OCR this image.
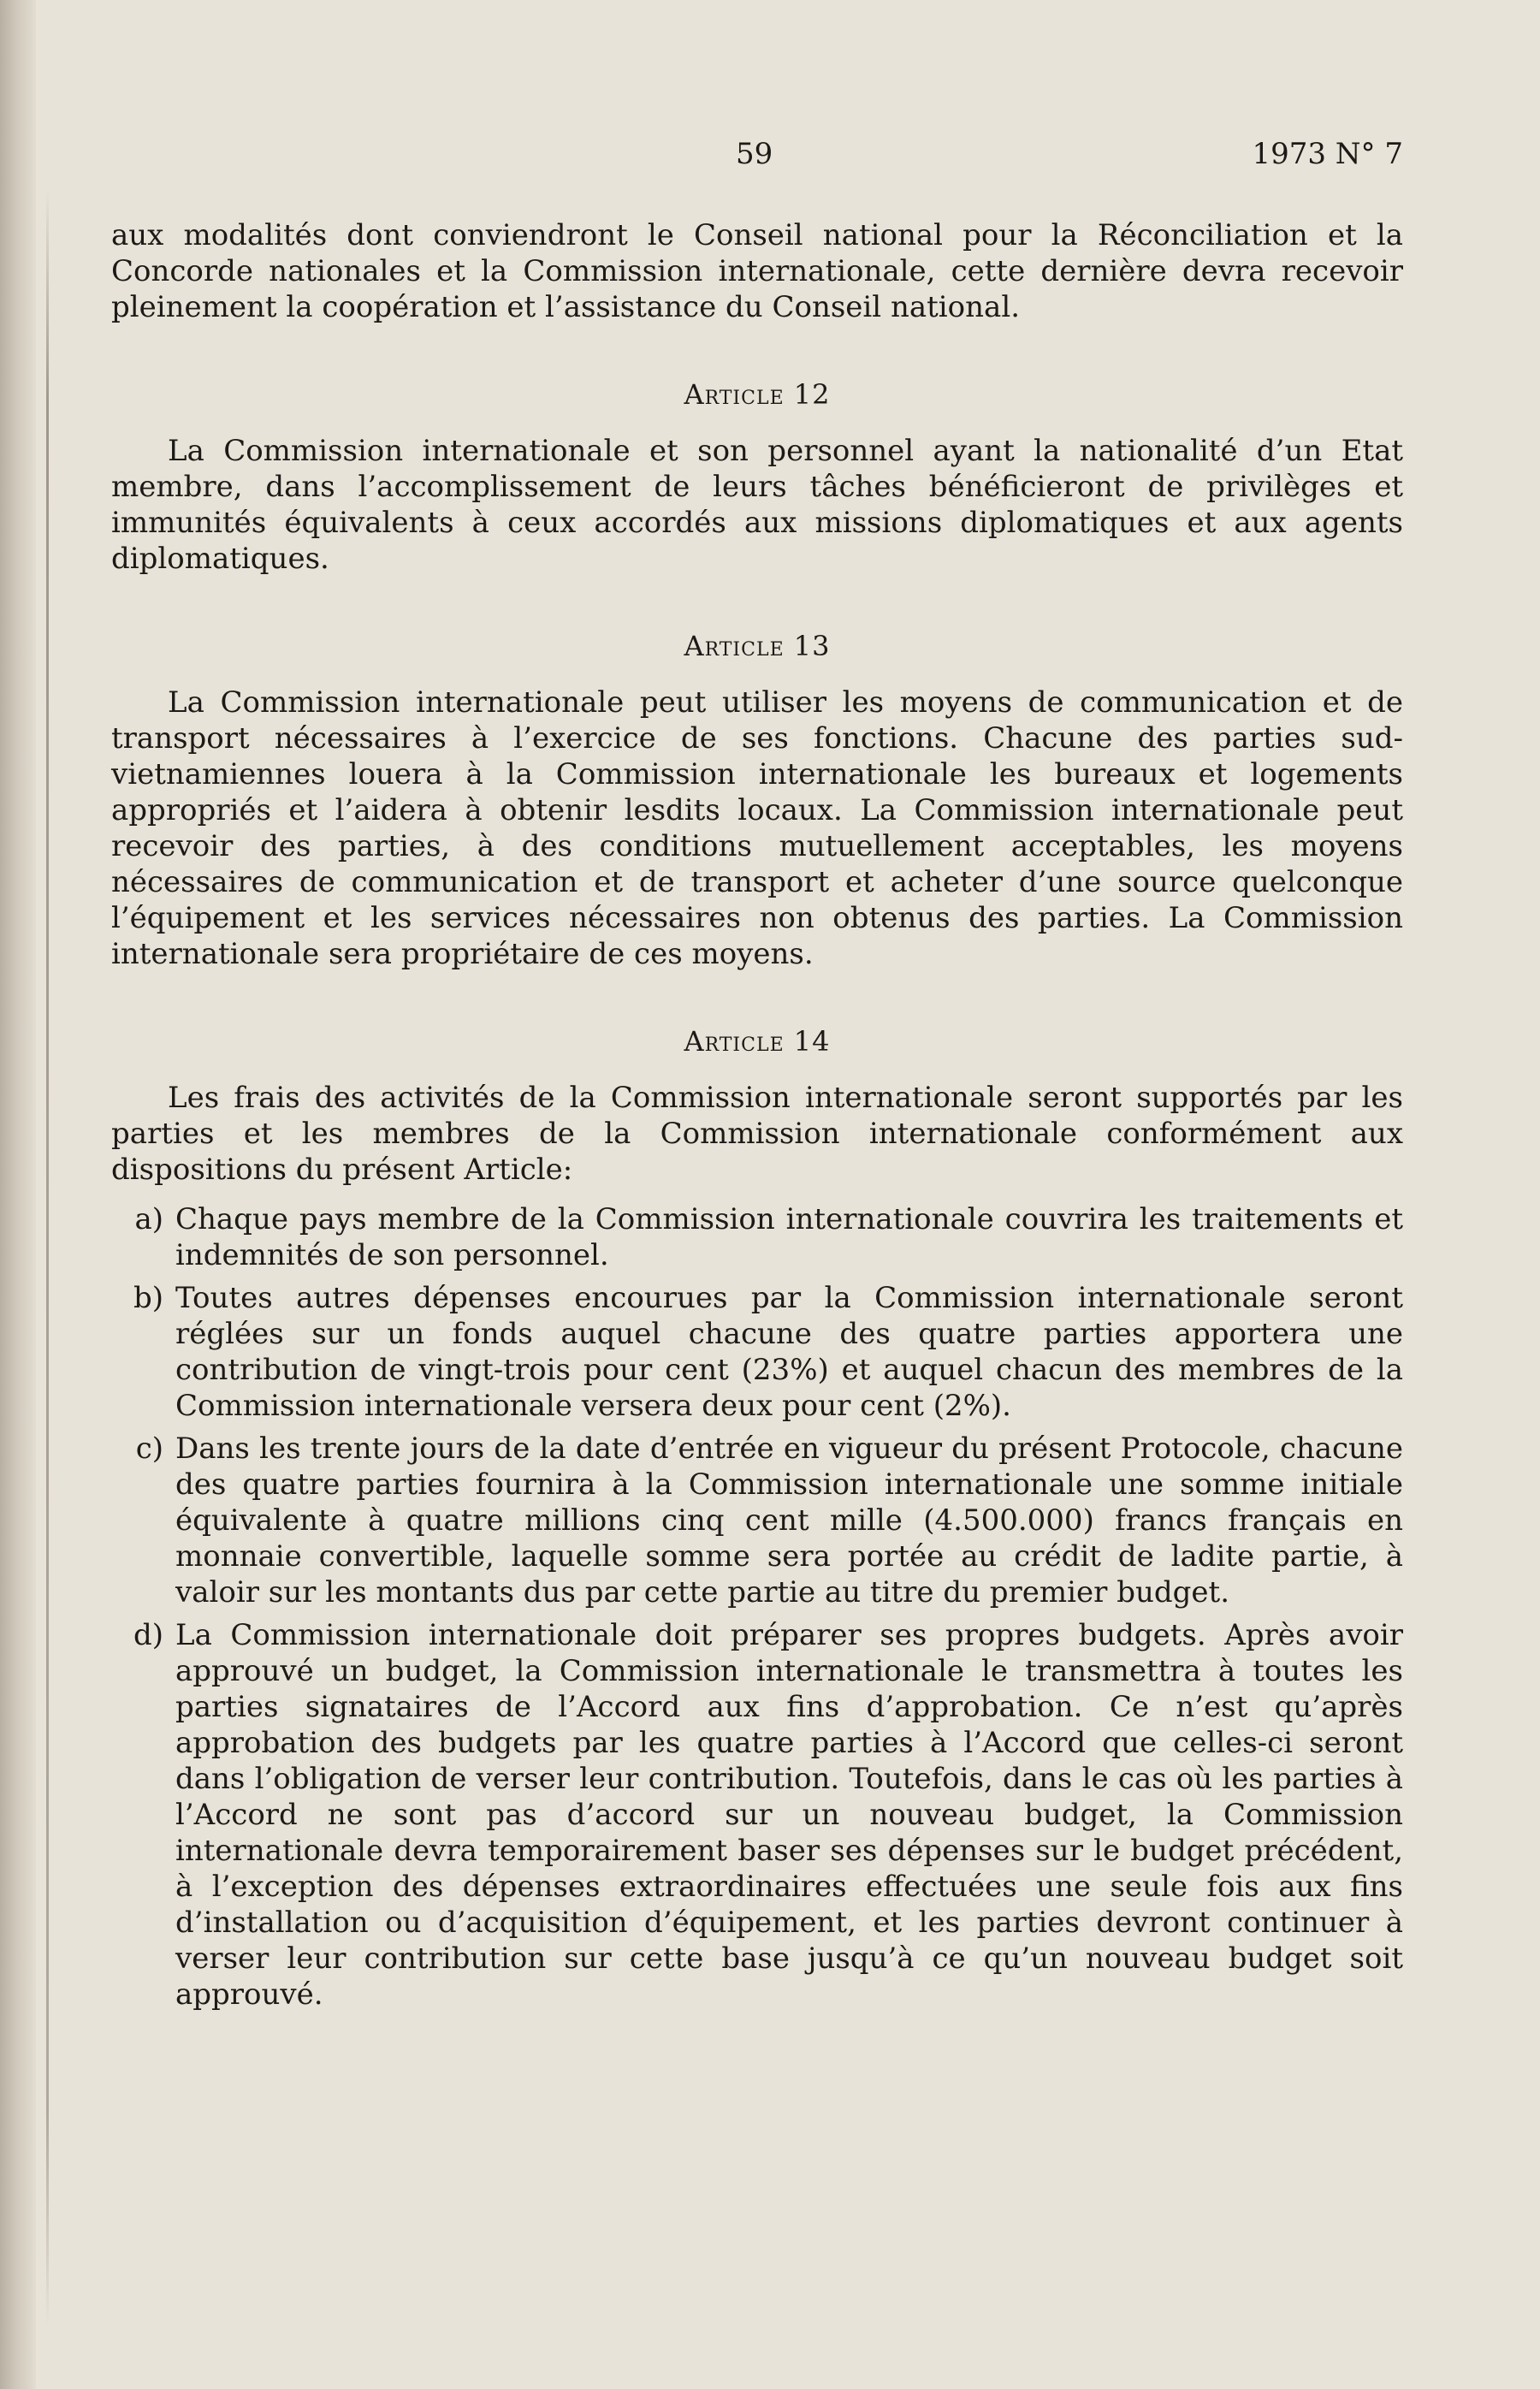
59	1973 N° 7

aux modalités dont conviendront le Conseil national pour la Réconciliation et la Concorde nationales et la Commission internationale, cette dernière devra recevoir pleinement la coopération et l’assistance du Conseil national.

Article 12

La Commission internationale et son personnel ayant la nationalité d’un Etat membre, dans l’accomplissement de leurs tâches bénéficieront de privilèges et immunités équivalents à ceux accordés aux missions diplomatiques et aux agents diplomatiques.

Article 13

La Commission internationale peut utiliser les moyens de communication et de transport nécessaires à l’exercice de ses fonctions. Chacune des parties sud-vietnamiennes louera à la Commission internationale les bureaux et logements appropriés et l’aidera à obtenir lesdits locaux. La Commission internationale peut recevoir des parties, à des conditions mutuellement acceptables, les moyens nécessaires de communication et de transport et acheter d’une source quelconque l’équipement et les services nécessaires non obtenus des parties. La Commission internationale sera propriétaire de ces moyens.

Article 14

Les frais des activités de la Commission internationale seront supportés par les parties et les membres de la Commission internationale conformément aux dispositions du présent Article:

a) Chaque pays membre de la Commission internationale couvrira les traitements et indemnités de son personnel.

b) Toutes autres dépenses encourues par la Commission internationale seront réglées sur un fonds auquel chacune des quatre parties apportera une contribution de vingt-trois pour cent (23%) et auquel chacun des membres de la Commission internationale versera deux pour cent (2%).

c) Dans les trente jours de la date d’entrée en vigueur du présent Protocole, chacune des quatre parties fournira à la Commission internationale une somme initiale équivalente à quatre millions cinq cent mille (4.500.000) francs français en monnaie convertible, laquelle somme sera portée au crédit de ladite partie, à valoir sur les montants dus par cette partie au titre du premier budget.

d) La Commission internationale doit préparer ses propres budgets. Après avoir approuvé un budget, la Commission internationale le transmettra à toutes les parties signataires de l’Accord aux fins d’approbation. Ce n’est qu’après approbation des budgets par les quatre parties à l’Accord que celles-ci seront dans l’obligation de verser leur contribution. Toutefois, dans le cas où les parties à l’Accord ne sont pas d’accord sur un nouveau budget, la Commission internationale devra temporairement baser ses dépenses sur le budget précédent, à l’exception des dépenses extraordinaires effectuées une seule fois aux fins d’installation ou d’acquisition d’équipement, et les parties devront continuer à verser leur contribution sur cette base jusqu’à ce qu’un nouveau budget soit approuvé.
